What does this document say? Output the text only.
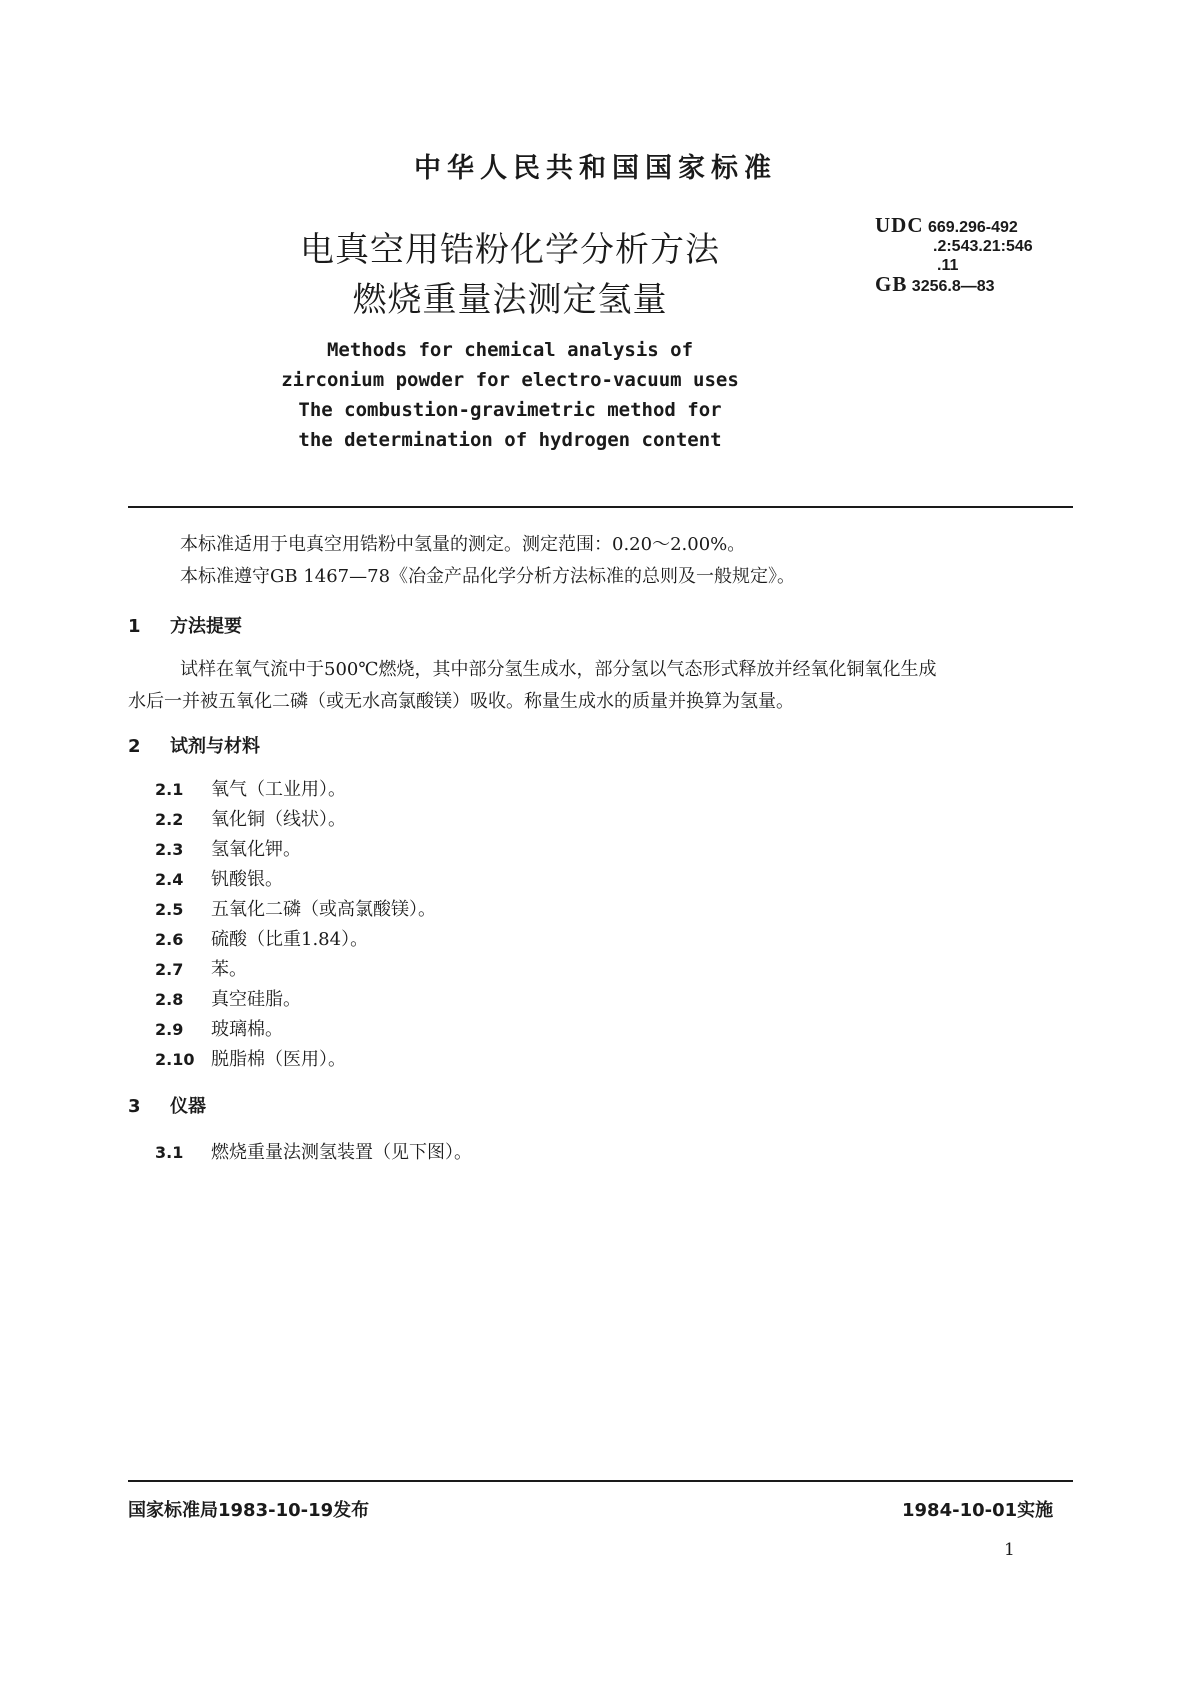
中华人民共和国国家标准
电真空用锆粉化学分析方法
燃烧重量法测定氢量
UDC 669.296-492
.2:543.21:546
.11
GB 3256.8—83
Methods for chemical analysis of
zirconium powder for electro-vacuum uses
The combustion-gravimetric method for
the determination of hydrogen content
本标准适用于电真空用锆粉中氢量的测定。测定范围：0.20～2.00%。
本标准遵守GB 1467—78《冶金产品化学分析方法标准的总则及一般规定》。
1 方法提要
试样在氧气流中于500℃燃烧，其中部分氢生成水，部分氢以气态形式释放并经氧化铜氧化生成
水后一并被五氧化二磷（或无水高氯酸镁）吸收。称量生成水的质量并换算为氢量。
2 试剂与材料
2.1 氧气（工业用）。
2.2 氧化铜（线状）。
2.3 氢氧化钾。
2.4 钒酸银。
2.5 五氧化二磷（或高氯酸镁）。
2.6 硫酸（比重1.84）。
2.7 苯。
2.8 真空硅脂。
2.9 玻璃棉。
2.10 脱脂棉（医用）。
3 仪器
3.1 燃烧重量法测氢装置（见下图）。
国家标准局1983-10-19发布	1984-10-01实施
1
